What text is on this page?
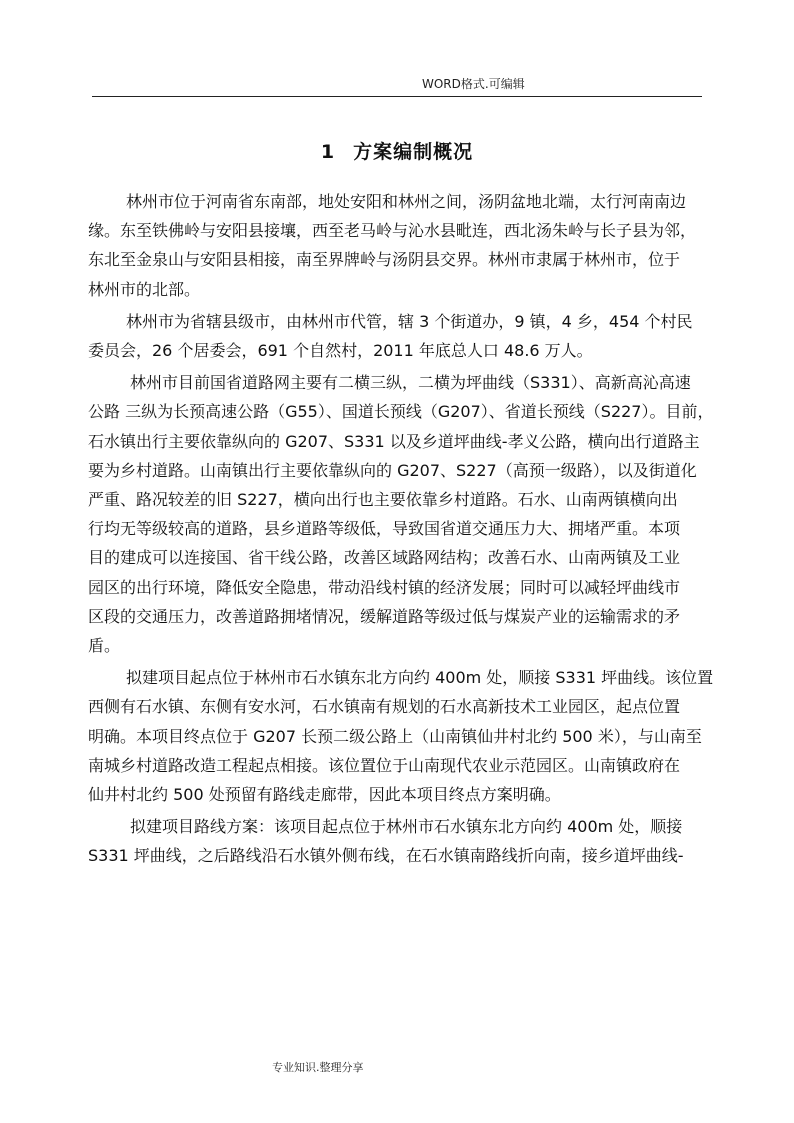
WORD格式.可编辑
1 方案编制概况

　林州市位于河南省东南部，地处安阳和林州之间，汤阴盆地北端，太行河南南边

缘。东至铁佛岭与安阳县接壤，西至老马岭与沁水县毗连，西北汤朱岭与长子县为邻，

东北至金泉山与安阳县相接，南至界牌岭与汤阴县交界。林州市隶属于林州市，位于

林州市的北部。

　林州市为省辖县级市，由林州市代管，辖 3 个街道办，9 镇，4 乡，454 个村民

委员会，26 个居委会，691 个自然村，2011 年底总人口 48.6 万人。

　林州市目前国省道路网主要有二横三纵，二横为坪曲线（S331）、高新高沁高速

公路 三纵为长预高速公路（G55）、国道长预线（G207）、省道长预线（S227）。目前，

石水镇出行主要依靠纵向的 G207、S331 以及乡道坪曲线-孝义公路，横向出行道路主

要为乡村道路。山南镇出行主要依靠纵向的 G207、S227（高预一级路），以及街道化

严重、路况较差的旧 S227，横向出行也主要依靠乡村道路。石水、山南两镇横向出

行均无等级较高的道路，县乡道路等级低，导致国省道交通压力大、拥堵严重。本项

目的建成可以连接国、省干线公路，改善区域路网结构；改善石水、山南两镇及工业

园区的出行环境，降低安全隐患，带动沿线村镇的经济发展；同时可以减轻坪曲线市

区段的交通压力，改善道路拥堵情况，缓解道路等级过低与煤炭产业的运输需求的矛

盾。

　拟建项目起点位于林州市石水镇东北方向约 400m 处，顺接 S331 坪曲线。该位置

西侧有石水镇、东侧有安水河，石水镇南有规划的石水高新技术工业园区，起点位置

明确。本项目终点位于 G207 长预二级公路上（山南镇仙井村北约 500 米），与山南至

南城乡村道路改造工程起点相接。该位置位于山南现代农业示范园区。山南镇政府在

仙井村北约 500 处预留有路线走廊带，因此本项目终点方案明确。

　拟建项目路线方案：该项目起点位于林州市石水镇东北方向约 400m 处，顺接

S331 坪曲线，之后路线沿石水镇外侧布线，在石水镇南路线折向南，接乡道坪曲线-

专业知识.整理分享
